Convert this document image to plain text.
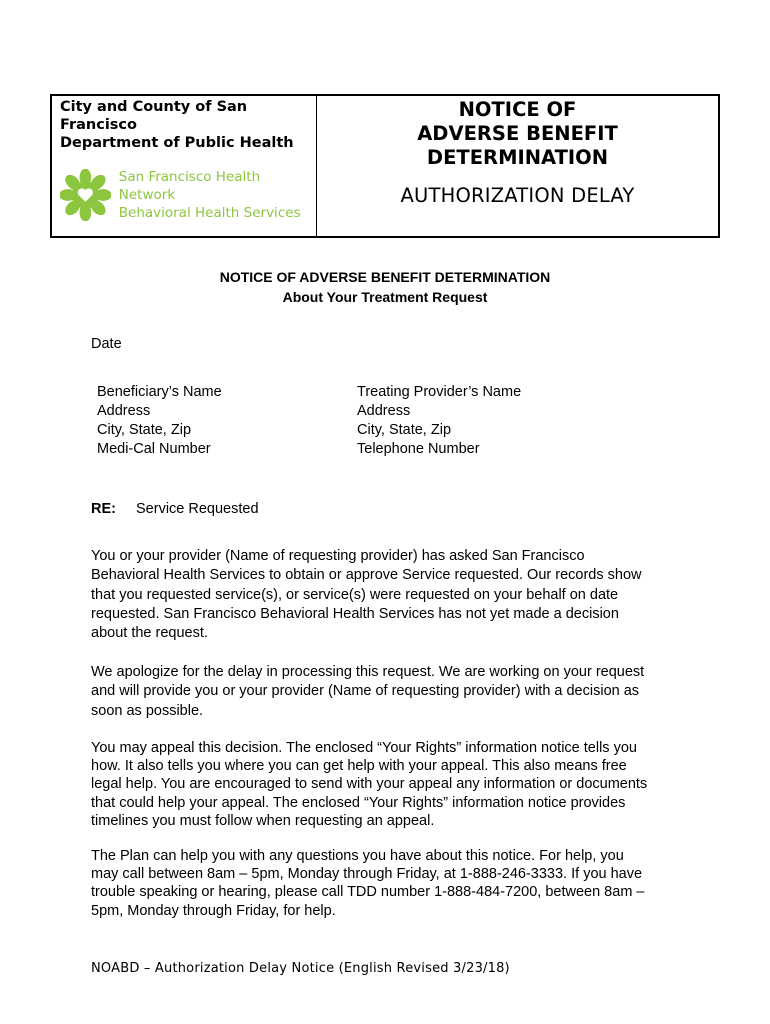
City and County of San
Francisco
Department of Public Health
San Francisco Health Network
Behavioral Health Services
NOTICE OF
ADVERSE BENEFIT
DETERMINATION
AUTHORIZATION DELAY
NOTICE OF ADVERSE BENEFIT DETERMINATION
About Your Treatment Request
Date
Beneficiary’s Name
Address
City, State, Zip
Medi-Cal Number
Treating Provider’s Name
Address
City, State, Zip
Telephone Number
RE: Service Requested
You or your provider (Name of requesting provider) has asked San Francisco
Behavioral Health Services to obtain or approve Service requested. Our records show
that you requested service(s), or service(s) were requested on your behalf on date
requested. San Francisco Behavioral Health Services has not yet made a decision
about the request.
We apologize for the delay in processing this request. We are working on your request
and will provide you or your provider (Name of requesting provider) with a decision as
soon as possible.
You may appeal this decision. The enclosed “Your Rights” information notice tells you
how. It also tells you where you can get help with your appeal. This also means free
legal help. You are encouraged to send with your appeal any information or documents
that could help your appeal. The enclosed “Your Rights” information notice provides
timelines you must follow when requesting an appeal.
The Plan can help you with any questions you have about this notice. For help, you
may call between 8am – 5pm, Monday through Friday, at 1-888-246-3333. If you have
trouble speaking or hearing, please call TDD number 1-888-484-7200, between 8am –
5pm, Monday through Friday, for help.
NOABD – Authorization Delay Notice (English Revised 3/23/18)
